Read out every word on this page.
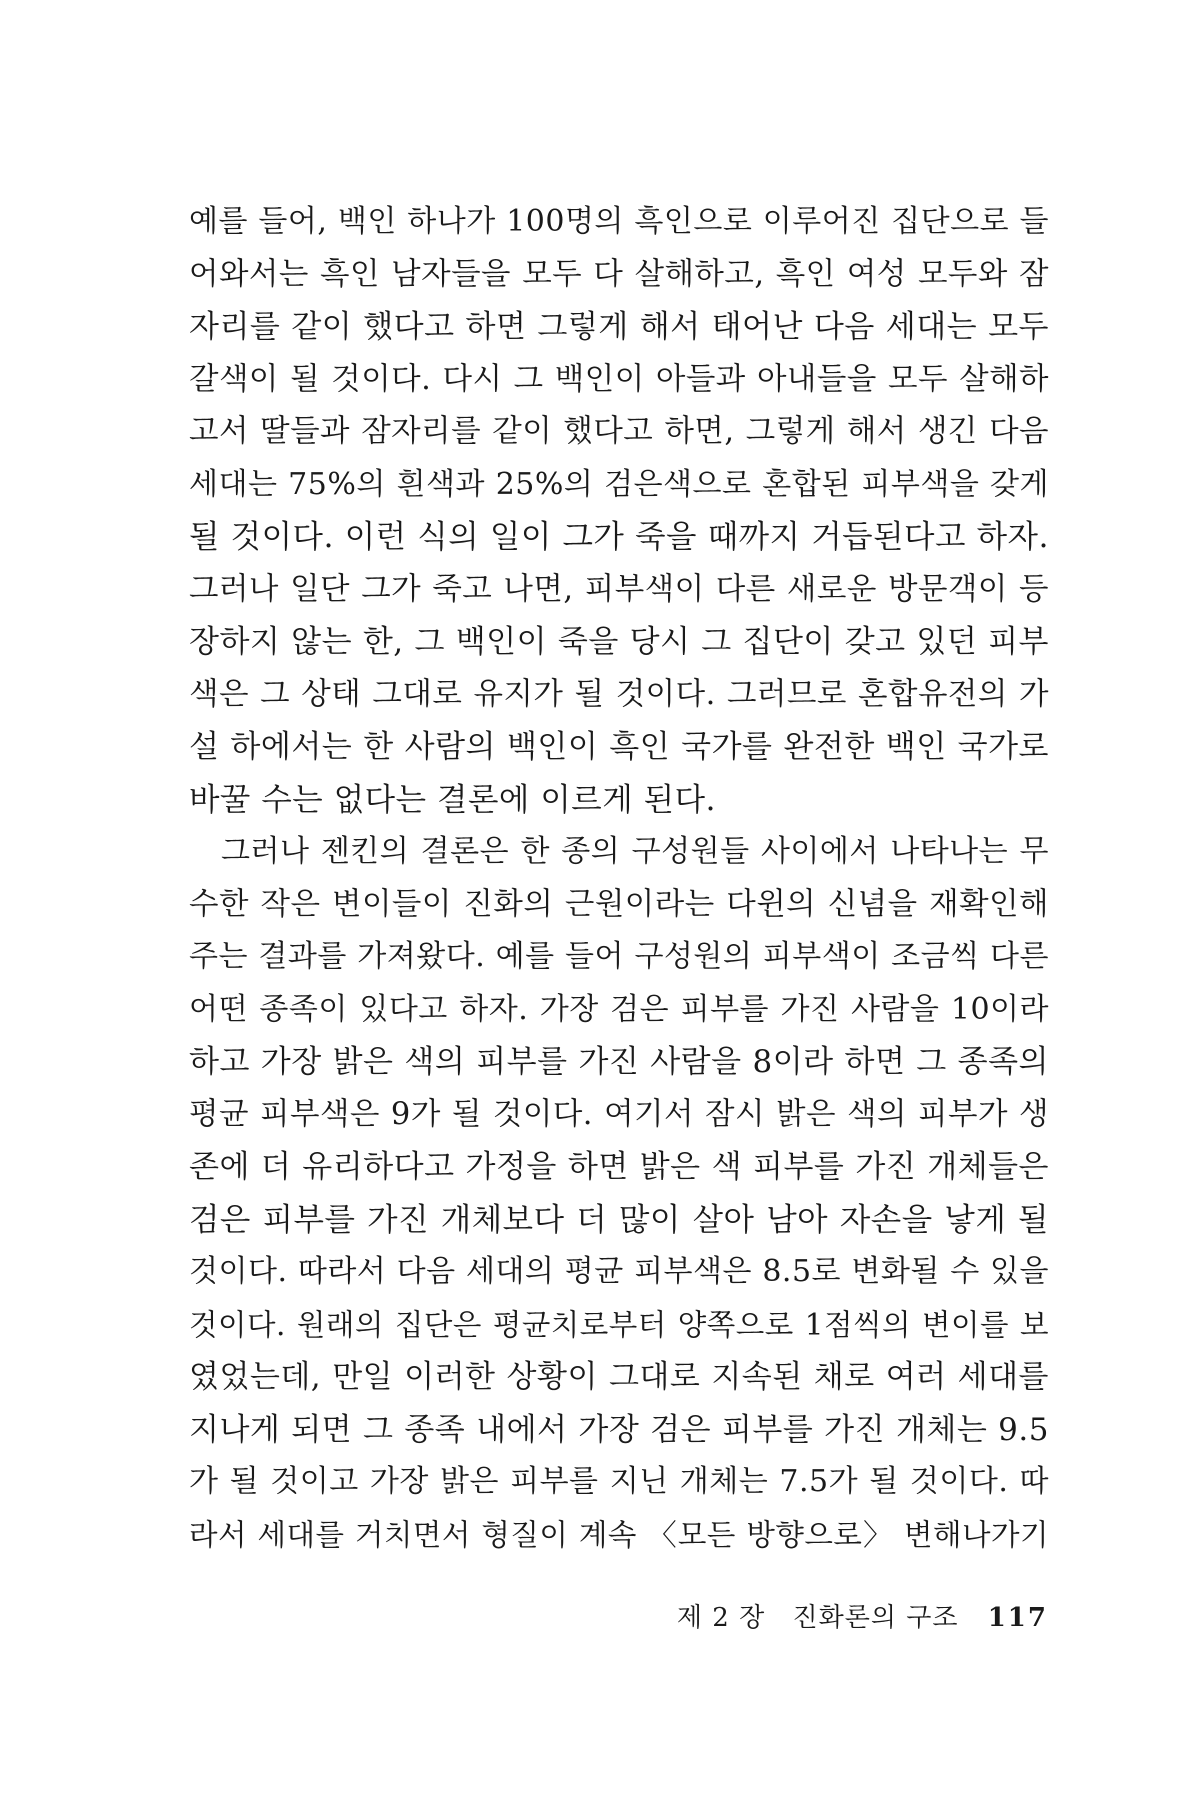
예를 들어, 백인 하나가 100명의 흑인으로 이루어진 집단으로 들
어와서는 흑인 남자들을 모두 다 살해하고, 흑인 여성 모두와 잠
자리를 같이 했다고 하면 그렇게 해서 태어난 다음 세대는 모두
갈색이 될 것이다. 다시 그 백인이 아들과 아내들을 모두 살해하
고서 딸들과 잠자리를 같이 했다고 하면, 그렇게 해서 생긴 다음
세대는 75%의 흰색과 25%의 검은색으로 혼합된 피부색을 갖게
될 것이다. 이런 식의 일이 그가 죽을 때까지 거듭된다고 하자.
그러나 일단 그가 죽고 나면, 피부색이 다른 새로운 방문객이 등
장하지 않는 한, 그 백인이 죽을 당시 그 집단이 갖고 있던 피부
색은 그 상태 그대로 유지가 될 것이다. 그러므로 혼합유전의 가
설 하에서는 한 사람의 백인이 흑인 국가를 완전한 백인 국가로
바꿀 수는 없다는 결론에 이르게 된다.
그러나 젠킨의 결론은 한 종의 구성원들 사이에서 나타나는 무
수한 작은 변이들이 진화의 근원이라는 다윈의 신념을 재확인해
주는 결과를 가져왔다. 예를 들어 구성원의 피부색이 조금씩 다른
어떤 종족이 있다고 하자. 가장 검은 피부를 가진 사람을 10이라
하고 가장 밝은 색의 피부를 가진 사람을 8이라 하면 그 종족의
평균 피부색은 9가 될 것이다. 여기서 잠시 밝은 색의 피부가 생
존에 더 유리하다고 가정을 하면 밝은 색 피부를 가진 개체들은
검은 피부를 가진 개체보다 더 많이 살아 남아 자손을 낳게 될
것이다. 따라서 다음 세대의 평균 피부색은 8.5로 변화될 수 있을
것이다. 원래의 집단은 평균치로부터 양쪽으로 1점씩의 변이를 보
였었는데, 만일 이러한 상황이 그대로 지속된 채로 여러 세대를
지나게 되면 그 종족 내에서 가장 검은 피부를 가진 개체는 9.5
가 될 것이고 가장 밝은 피부를 지닌 개체는 7.5가 될 것이다. 따
라서 세대를 거치면서 형질이 계속 〈모든 방향으로〉 변해나가기
제 2 장 진화론의 구조 117
